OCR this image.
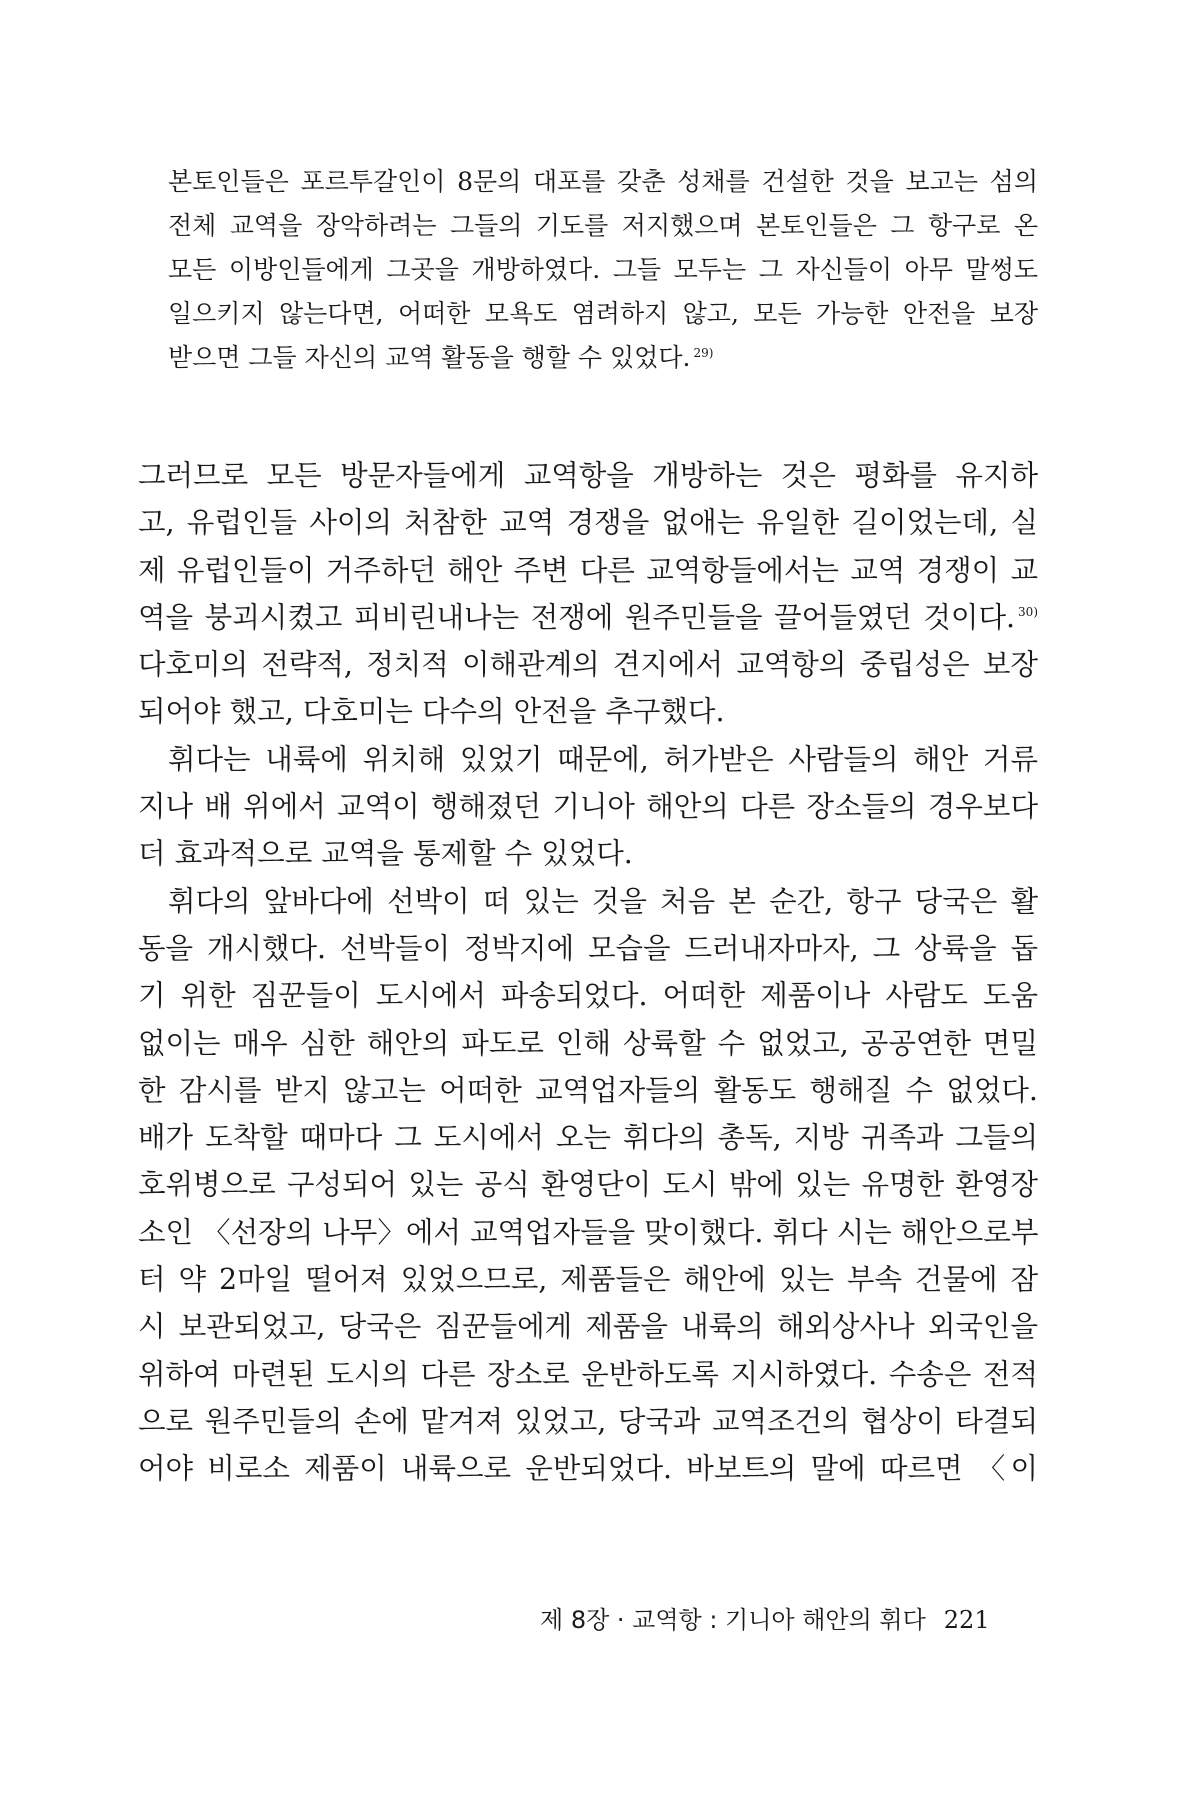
본토인들은 포르투갈인이 8문의 대포를 갖춘 성채를 건설한 것을 보고는 섬의
전체 교역을 장악하려는 그들의 기도를 저지했으며 본토인들은 그 항구로 온
모든 이방인들에게 그곳을 개방하였다. 그들 모두는 그 자신들이 아무 말썽도
일으키지 않는다면, 어떠한 모욕도 염려하지 않고, 모든 가능한 안전을 보장
받으면 그들 자신의 교역 활동을 행할 수 있었다. $^{29)}$
그러므로 모든 방문자들에게 교역항을 개방하는 것은 평화를 유지하
고, 유럽인들 사이의 처참한 교역 경쟁을 없애는 유일한 길이었는데, 실
제 유럽인들이 거주하던 해안 주변 다른 교역항들에서는 교역 경쟁이 교
역을 붕괴시켰고 피비린내나는 전쟁에 원주민들을 끌어들였던 것이다. $^{30)}$
다호미의 전략적, 정치적 이해관계의 견지에서 교역항의 중립성은 보장
되어야 했고, 다호미는 다수의 안전을 추구했다.
휘다는 내륙에 위치해 있었기 때문에, 허가받은 사람들의 해안 거류
지나 배 위에서 교역이 행해졌던 기니아 해안의 다른 장소들의 경우보다
더 효과적으로 교역을 통제할 수 있었다.
휘다의 앞바다에 선박이 떠 있는 것을 처음 본 순간, 항구 당국은 활
동을 개시했다. 선박들이 정박지에 모습을 드러내자마자, 그 상륙을 돕
기 위한 짐꾼들이 도시에서 파송되었다. 어떠한 제품이나 사람도 도움
없이는 매우 심한 해안의 파도로 인해 상륙할 수 없었고, 공공연한 면밀
한 감시를 받지 않고는 어떠한 교역업자들의 활동도 행해질 수 없었다.
배가 도착할 때마다 그 도시에서 오는 휘다의 총독, 지방 귀족과 그들의
호위병으로 구성되어 있는 공식 환영단이 도시 밖에 있는 유명한 환영장
소인 〈선장의 나무〉에서 교역업자들을 맞이했다. 휘다 시는 해안으로부
터 약 2마일 떨어져 있었으므로, 제품들은 해안에 있는 부속 건물에 잠
시 보관되었고, 당국은 짐꾼들에게 제품을 내륙의 해외상사나 외국인을
위하여 마련된 도시의 다른 장소로 운반하도록 지시하였다. 수송은 전적
으로 원주민들의 손에 맡겨져 있었고, 당국과 교역조건의 협상이 타결되
어야 비로소 제품이 내륙으로 운반되었다. 바보트의 말에 따르면 〈이
제 8장 · 교역항 : 기니아 해안의 휘다 221
